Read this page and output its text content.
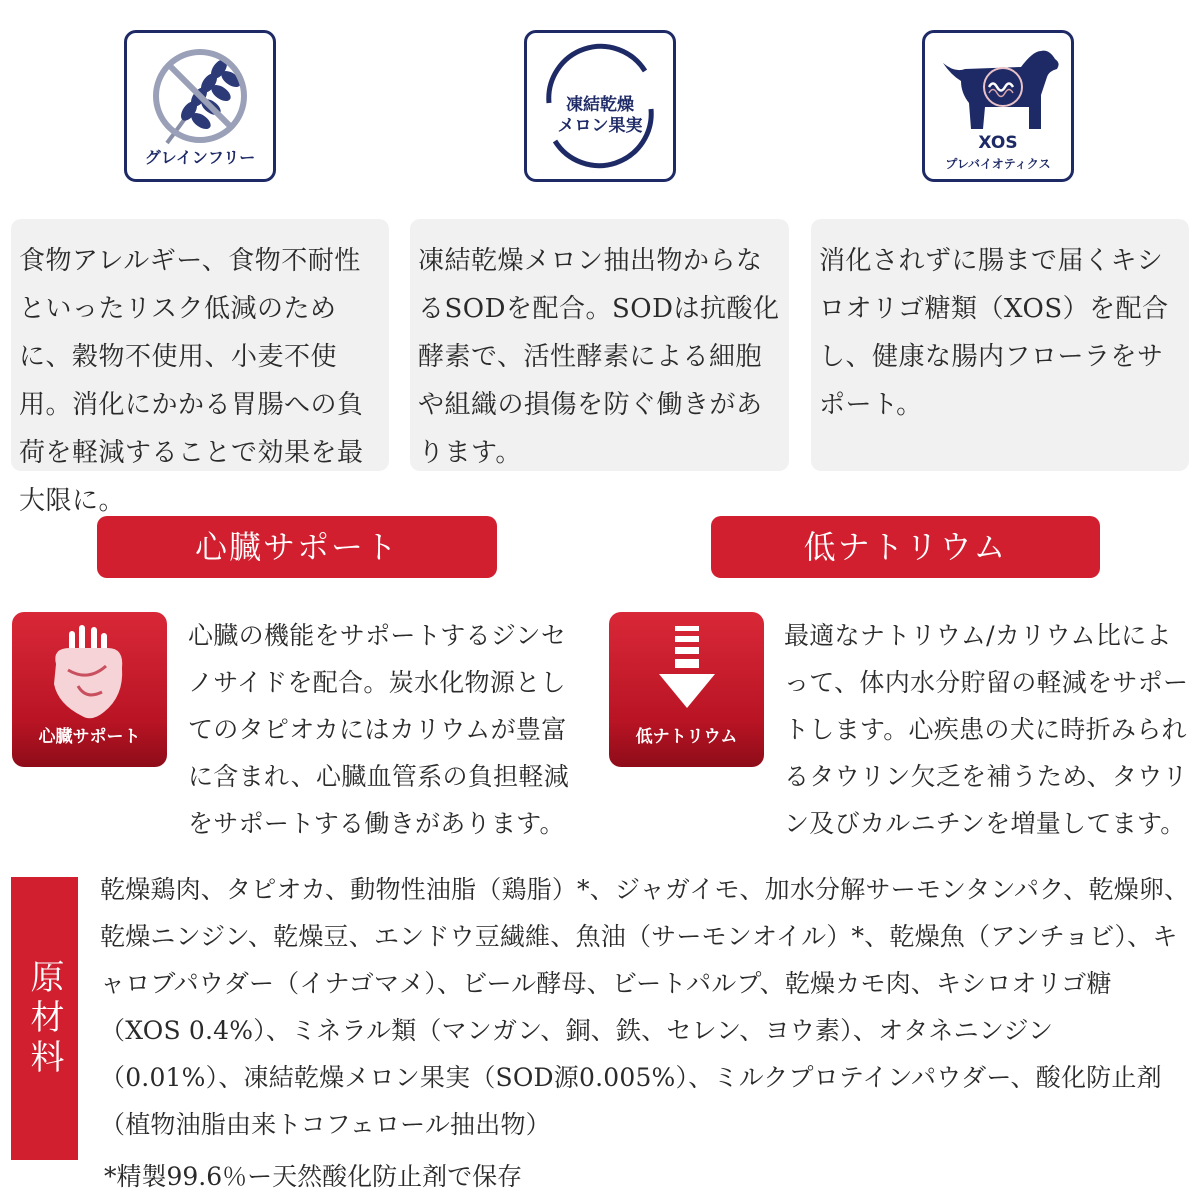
グレインフリー
凍結乾燥
メロン果実
XOS
プレバイオティクス
食物アレルギー、食物不耐性といったリスク低減のために、穀物不使用、小麦不使用。消化にかかる胃腸への負荷を軽減することで効果を最大限に。
凍結乾燥メロン抽出物からなるSODを配合。SODは抗酸化酵素で、活性酵素による細胞や組織の損傷を防ぐ働きがあります。
消化されずに腸まで届くキシロオリゴ糖類（XOS）を配合し、健康な腸内フローラをサポート。
心臓サポート	低ナトリウム
心臓サポート
心臓の機能をサポートするジンセノサイドを配合。炭水化物源としてのタピオカにはカリウムが豊富に含まれ、心臓血管系の負担軽減をサポートする働きがあります。
低ナトリウム
最適なナトリウム/カリウム比によって、体内水分貯留の軽減をサポートします。心疾患の犬に時折みられるタウリン欠乏を補うため、タウリン及びカルニチンを増量してます。
原材料
乾燥鶏肉、タピオカ、動物性油脂（鶏脂）*、ジャガイモ、加水分解サーモンタンパク、乾燥卵、乾燥ニンジン、乾燥豆、エンドウ豆繊維、魚油（サーモンオイル）*、乾燥魚（アンチョビ）、キャロブパウダー（イナゴマメ）、ビール酵母、ビートパルプ、乾燥カモ肉、キシロオリゴ糖（XOS 0.4%）、ミネラル類（マンガン、銅、鉄、セレン、ヨウ素）、オタネニンジン（0.01%）、凍結乾燥メロン果実（SOD源0.005%）、ミルクプロテインパウダー、酸化防止剤（植物油脂由来トコフェロール抽出物）
*精製99.6％ー天然酸化防止剤で保存
